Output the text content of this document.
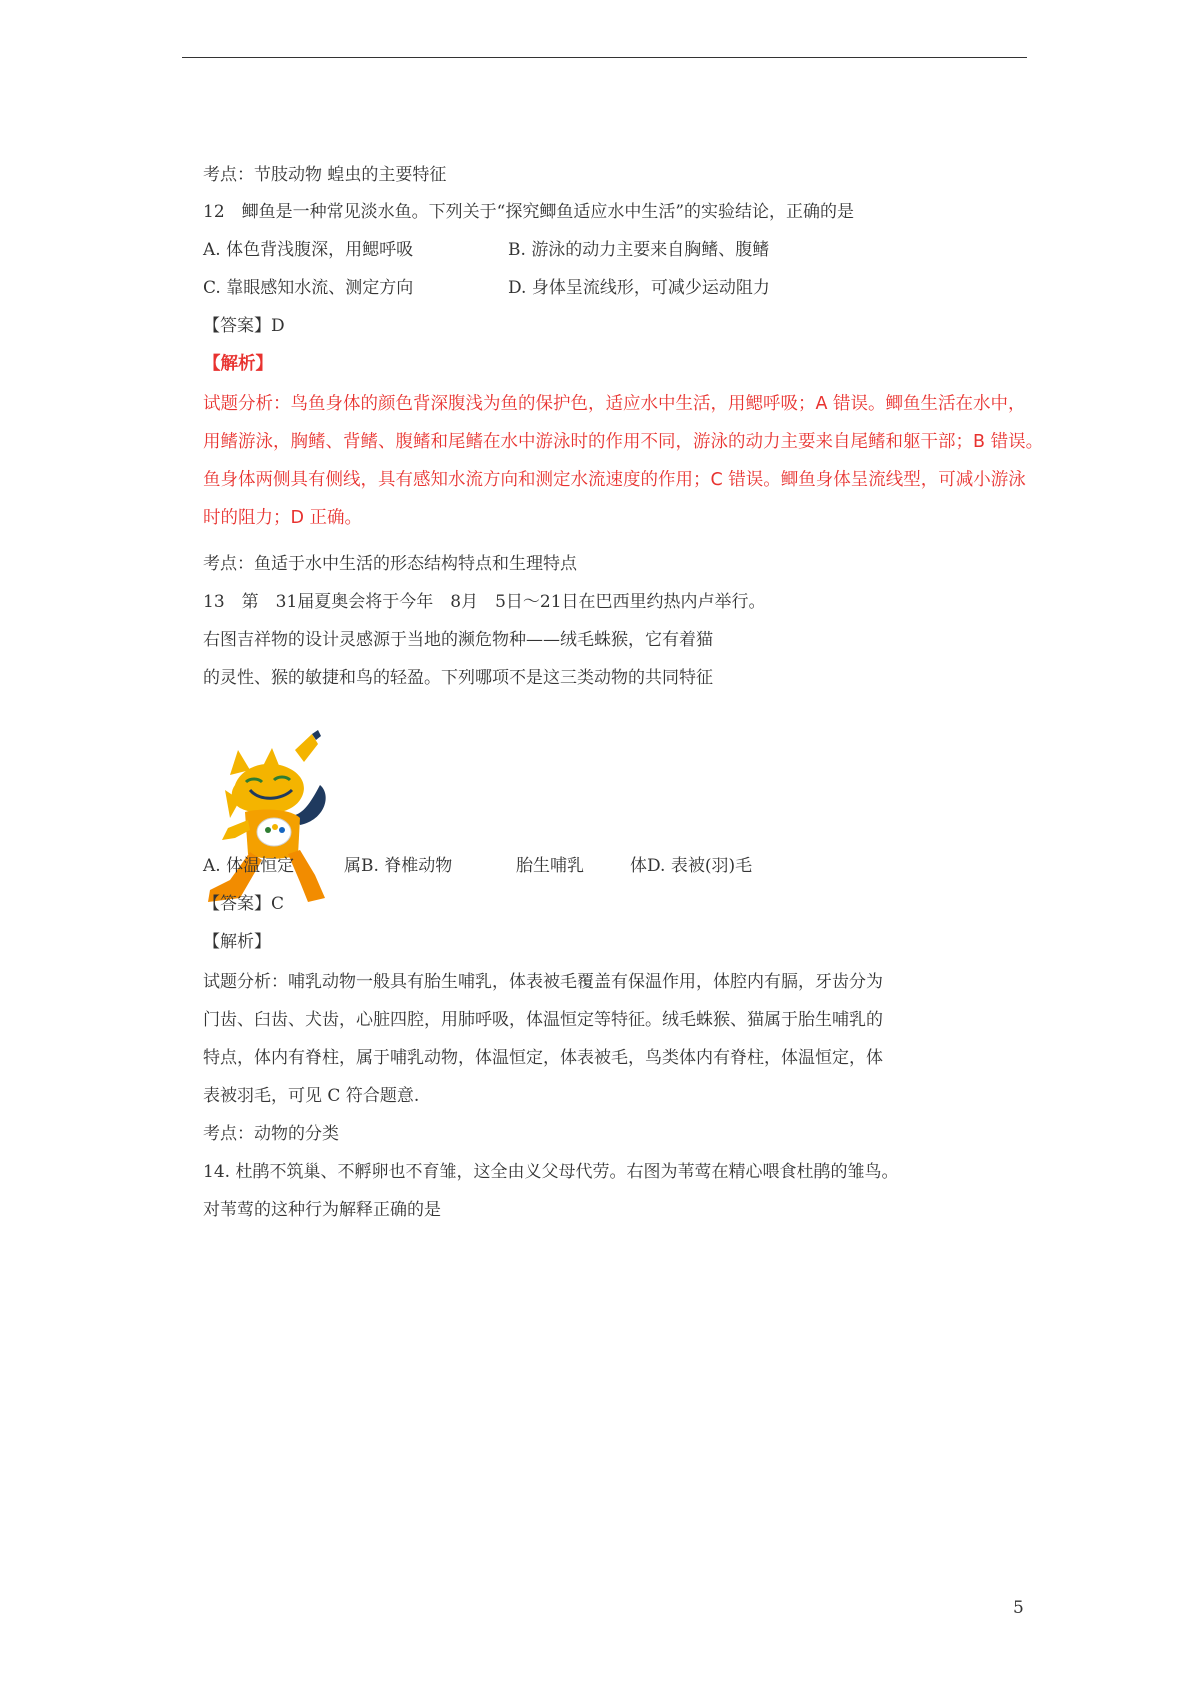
考点：节肢动物 蝗虫的主要特征
12　鲫鱼是一种常见淡水鱼。下列关于“探究鲫鱼适应水中生活”的实验结论，正确的是
A. 体色背浅腹深，用鳃呼吸	B. 游泳的动力主要来自胸鳍、腹鳍
C. 靠眼感知水流、测定方向	D. 身体呈流线形，可减少运动阻力
【答案】D
【解析】
试题分析：鸟鱼身体的颜色背深腹浅为鱼的保护色，适应水中生活，用鳃呼吸；A 错误。鲫鱼生活在水中，
用鳍游泳，胸鳍、背鳍、腹鳍和尾鳍在水中游泳时的作用不同，游泳的动力主要来自尾鳍和躯干部；B 错误。
鱼身体两侧具有侧线，具有感知水流方向和测定水流速度的作用；C 错误。鲫鱼身体呈流线型，可减小游泳
时的阻力；D 正确。
考点：鱼适于水中生活的形态结构特点和生理特点
13　第　31届夏奥会将于今年　8月　5日～21日在巴西里约热内卢举行。
右图吉祥物的设计灵感源于当地的濒危物种——绒毛蛛猴，它有着猫
的灵性、猴的敏捷和鸟的轻盈。下列哪项不是这三类动物的共同特征
A. 体温恒定	属B. 脊椎动物	胎生哺乳	体D. 表被(羽)毛
【答案】C
【解析】
试题分析：哺乳动物一般具有胎生哺乳，体表被毛覆盖有保温作用，体腔内有膈，牙齿分为
门齿、臼齿、犬齿，心脏四腔，用肺呼吸，体温恒定等特征。绒毛蛛猴、猫属于胎生哺乳的
特点，体内有脊柱，属于哺乳动物，体温恒定，体表被毛，鸟类体内有脊柱，体温恒定，体
表被羽毛，可见 C 符合题意.
考点：动物的分类
14. 杜鹃不筑巢、不孵卵也不育雏，这全由义父母代劳。右图为苇莺在精心喂食杜鹃的雏鸟。
对苇莺的这种行为解释正确的是
5
